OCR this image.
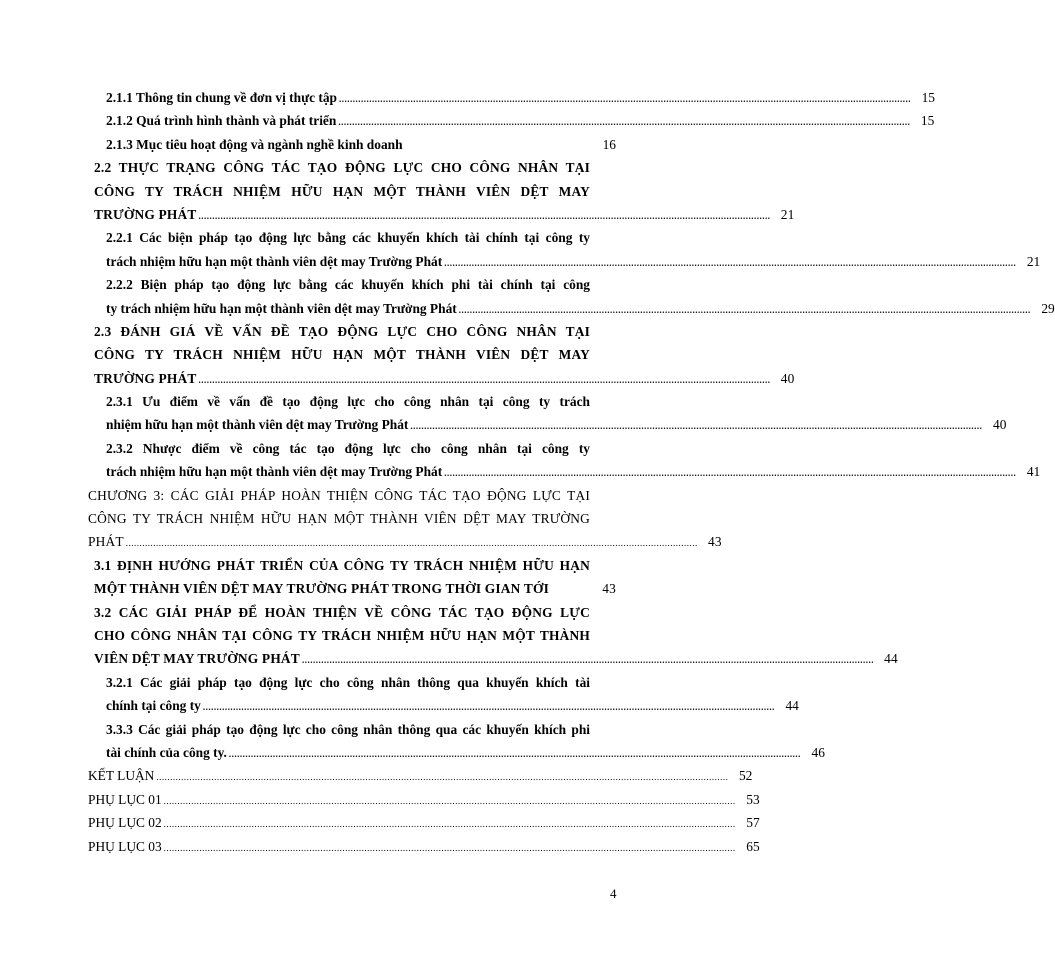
2.1.1 Thông tin chung về đơn vị thực tập .....	15
2.1.2 Quá trình hình thành và phát triển .....	15
2.1.3 Mục tiêu hoạt động và ngành nghề kinh doanh	16
2.2 THỰC TRẠNG CÔNG TÁC TẠO ĐỘNG LỰC CHO CÔNG NHÂN TẠI
CÔNG TY TRÁCH NHIỆM HỮU HẠN MỘT THÀNH VIÊN DỆT MAY
TRƯỜNG PHÁT .....	21
2.2.1 Các biện pháp tạo động lực bằng các khuyến khích tài chính tại công ty
trách nhiệm hữu hạn một thành viên dệt may Trường Phát .....	21
2.2.2 Biện pháp tạo động lực bằng các khuyến khích phi tài chính tại công
ty trách nhiệm hữu hạn một thành viên dệt may Trường Phát .....	29
2.3 ĐÁNH GIÁ VỀ VẤN ĐỀ TẠO ĐỘNG LỰC CHO CÔNG NHÂN TẠI
CÔNG TY TRÁCH NHIỆM HỮU HẠN MỘT THÀNH VIÊN DỆT MAY
TRƯỜNG PHÁT .....	40
2.3.1 Ưu điểm về vấn đề tạo động lực cho công nhân tại công ty trách
nhiệm hữu hạn một thành viên dệt may Trường Phát .....	40
2.3.2 Nhược điểm về công tác tạo động lực cho công nhân tại công ty
trách nhiệm hữu hạn một thành viên dệt may Trường Phát .....	41
CHƯƠNG 3: CÁC GIẢI PHÁP HOÀN THIỆN CÔNG TÁC TẠO ĐỘNG LỰC TẠI
CÔNG TY TRÁCH NHIỆM HỮU HẠN MỘT THÀNH VIÊN DỆT MAY TRƯỜNG
PHÁT .....	43
3.1 ĐỊNH HƯỚNG PHÁT TRIỂN CỦA CÔNG TY TRÁCH NHIỆM HỮU HẠN
MỘT THÀNH VIÊN DỆT MAY TRƯỜNG PHÁT TRONG THỜI GIAN TỚI	43
3.2 CÁC GIẢI PHÁP ĐỂ HOÀN THIỆN VỀ CÔNG TÁC TẠO ĐỘNG LỰC
CHO CÔNG NHÂN TẠI CÔNG TY TRÁCH NHIỆM HỮU HẠN MỘT THÀNH
VIÊN DỆT MAY TRƯỜNG PHÁT .....	44
3.2.1 Các giải pháp tạo động lực cho công nhân thông qua khuyến khích tài
chính tại công ty .....	44
3.3.3 Các giải pháp tạo động lực cho công nhân thông qua các khuyến khích phi
tài chính của công ty. .....	46
KẾT LUẬN .....	52
PHỤ LỤC 01 .....	53
PHỤ LỤC 02 .....	57
PHỤ LỤC 03 .....	65
4
